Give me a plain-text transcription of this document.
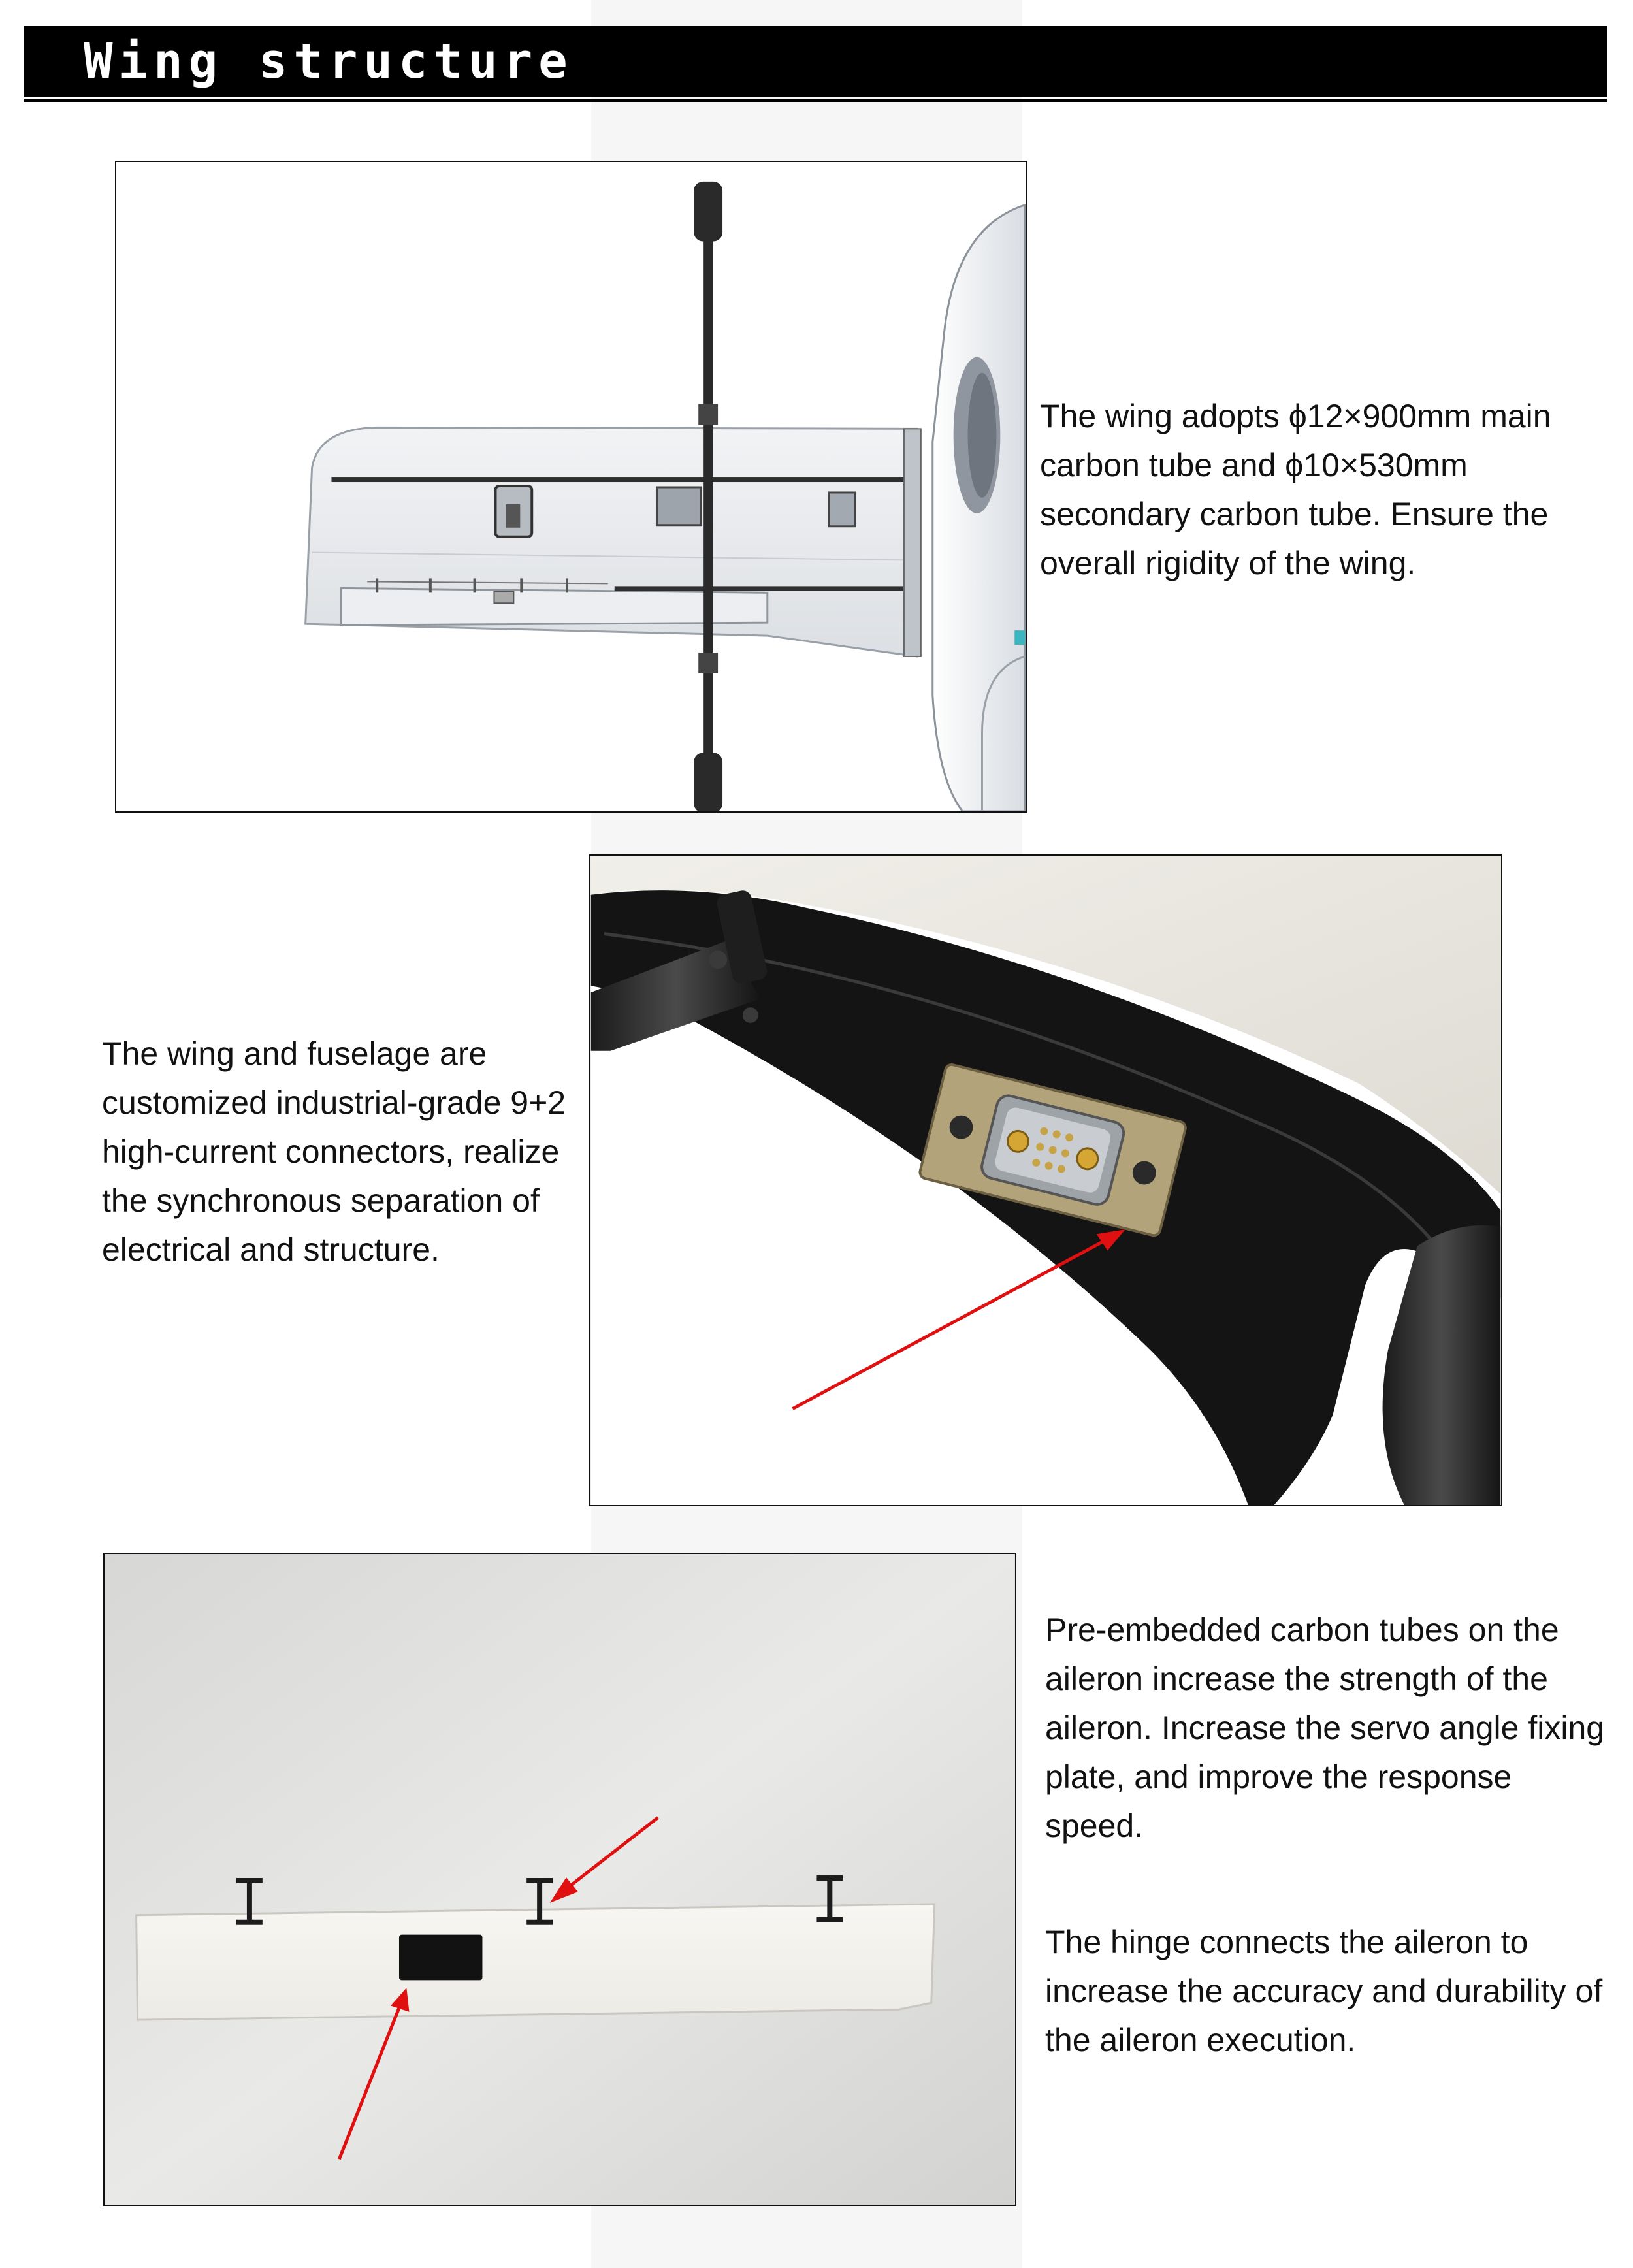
Wing structure

The wing adopts ϕ12×900mm main carbon tube and ϕ10×530mm secondary carbon tube. Ensure the overall rigidity of the wing.

The wing and fuselage are customized industrial-grade 9+2 high-current connectors, realize the synchronous separation of electrical and structure.

Pre-embedded carbon tubes on the aileron increase the strength of the aileron. Increase the servo angle fixing plate, and improve the response speed.

The hinge connects the aileron to increase the accuracy and durability of the aileron execution.
